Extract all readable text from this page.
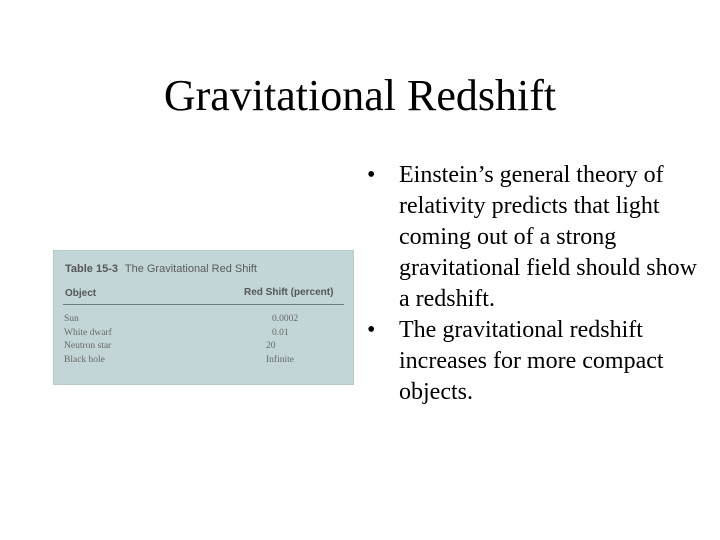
Gravitational Redshift
Table 15-3 The Gravitational Red Shift
Object	Red Shift (percent)
Sun	0.0002
White dwarf	0.01
Neutron star	20
Black hole	Infinite
• Einstein’s general theory of relativity predicts that light coming out of a strong gravitational field should show a redshift.
• The gravitational redshift increases for more compact objects.
